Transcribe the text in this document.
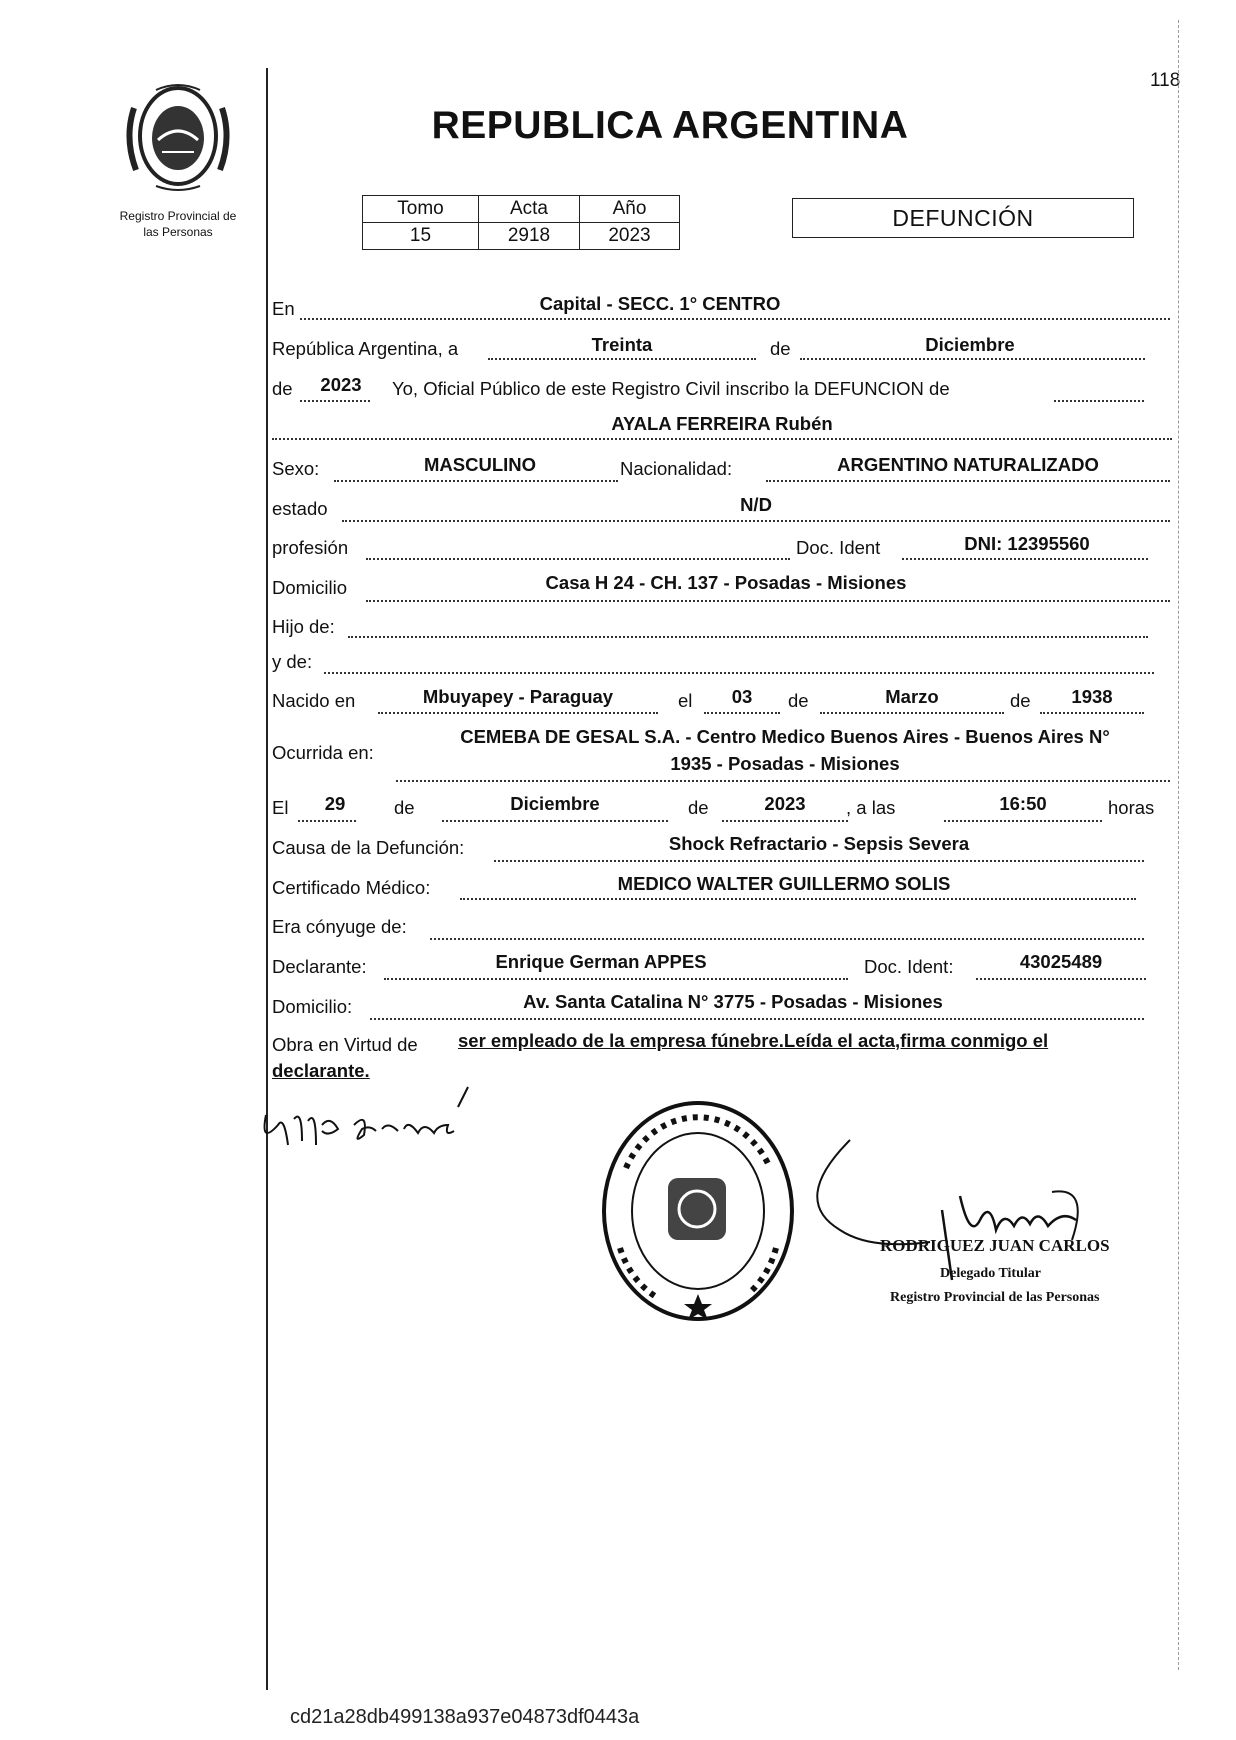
118
Registro Provincial de
las Personas
REPUBLICA ARGENTINA
Tomo	Acta	Año
15	2918	2023
DEFUNCIÓN
En	Capital - SECC. 1° CENTRO
República Argentina, a	Treinta	de	Diciembre
de	2023	Yo, Oficial Público de este Registro Civil inscribo la DEFUNCION de
AYALA FERREIRA Rubén
Sexo:	MASCULINO	Nacionalidad:	ARGENTINO NATURALIZADO
estado	N/D
profesión	Doc. Ident	DNI: 12395560
Domicilio	Casa H 24 - CH. 137 - Posadas - Misiones
Hijo de:
y de:
Nacido en	Mbuyapey - Paraguay	el	03	de	Marzo	de	1938
Ocurrida en:
CEMEBA DE GESAL S.A. - Centro Medico Buenos Aires - Buenos Aires N°
1935 - Posadas - Misiones
El	29	de	Diciembre	de	2023	, a las	16:50	horas
Causa de la Defunción:	Shock Refractario - Sepsis Severa
Certificado Médico:	MEDICO WALTER GUILLERMO SOLIS
Era cónyuge de:
Declarante:	Enrique German APPES	Doc. Ident:	43025489
Domicilio:	Av. Santa Catalina N° 3775 - Posadas - Misiones
Obra en Virtud de ser empleado de la empresa fúnebre.Leída el acta,firma conmigo el
declarante.
RODRIGUEZ JUAN CARLOS
Delegado Titular
Registro Provincial de las Personas
cd21a28db499138a937e04873df0443a
